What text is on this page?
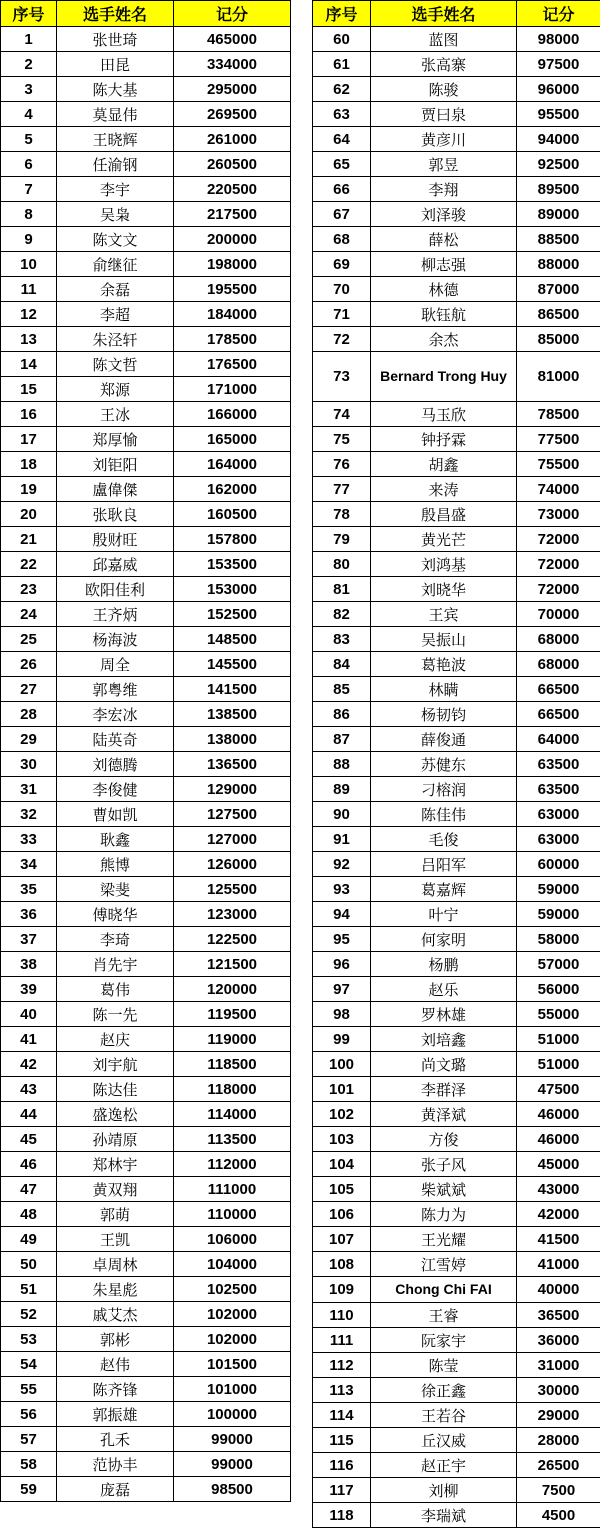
序号	选手姓名	记分
1	张世琦	465000
2	田昆	334000
3	陈大基	295000
4	莫显伟	269500
5	王晓辉	261000
6	任渝钢	260500
7	李宇	220500
8	吴枭	217500
9	陈文文	200000
10	俞继征	198000
11	余磊	195500
12	李超	184000
13	朱泾轩	178500
14	陈文哲	176500
15	郑源	171000
16	王冰	166000
17	郑厚愉	165000
18	刘钜阳	164000
19	盧偉傑	162000
20	张耿良	160500
21	殷财旺	157800
22	邱嘉威	153500
23	欧阳佳利	153000
24	王齐炳	152500
25	杨海波	148500
26	周全	145500
27	郭粤维	141500
28	李宏冰	138500
29	陆英奇	138000
30	刘德腾	136500
31	李俊健	129000
32	曹如凯	127500
33	耿鑫	127000
34	熊博	126000
35	梁斐	125500
36	傅晓华	123000
37	李琦	122500
38	肖先宇	121500
39	葛伟	120000
40	陈一先	119500
41	赵庆	119000
42	刘宇航	118500
43	陈达佳	118000
44	盛逸松	114000
45	孙靖原	113500
46	郑林宇	112000
47	黄双翔	111000
48	郭萌	110000
49	王凯	106000
50	卓周林	104000
51	朱星彪	102500
52	戚艾杰	102000
53	郭彬	102000
54	赵伟	101500
55	陈齐锋	101000
56	郭振雄	100000
57	孔禾	99000
58	范协丰	99000
59	庞磊	98500
序号	选手姓名	记分
60	蓝图	98000
61	张高寨	97500
62	陈骏	96000
63	贾曰泉	95500
64	黄彦川	94000
65	郭昱	92500
66	李翔	89500
67	刘泽骏	89000
68	薛松	88500
69	柳志强	88000
70	林德	87000
71	耿钰航	86500
72	余杰	85000
73	Bernard Trong Huy	81000
74	马玉欣	78500
75	钟抒霖	77500
76	胡鑫	75500
77	来涛	74000
78	殷昌盛	73000
79	黄光芒	72000
80	刘鸿基	72000
81	刘晓华	72000
82	王宾	70000
83	吴振山	68000
84	葛艳波	68000
85	林瞒	66500
86	杨韧钧	66500
87	薛俊通	64000
88	苏健东	63500
89	刁榕润	63500
90	陈佳伟	63000
91	毛俊	63000
92	吕阳军	60000
93	葛嘉辉	59000
94	叶宁	59000
95	何家明	58000
96	杨鹏	57000
97	赵乐	56000
98	罗林雄	55000
99	刘培鑫	51000
100	尚文璐	51000
101	李群泽	47500
102	黄泽斌	46000
103	方俊	46000
104	张子风	45000
105	柴斌斌	43000
106	陈力为	42000
107	王光耀	41500
108	江雪婷	41000
109	Chong Chi FAI	40000
110	王睿	36500
111	阮家宇	36000
112	陈莹	31000
113	徐正鑫	30000
114	王若谷	29000
115	丘汉威	28000
116	赵正宇	26500
117	刘柳	7500
118	李瑞斌	4500
